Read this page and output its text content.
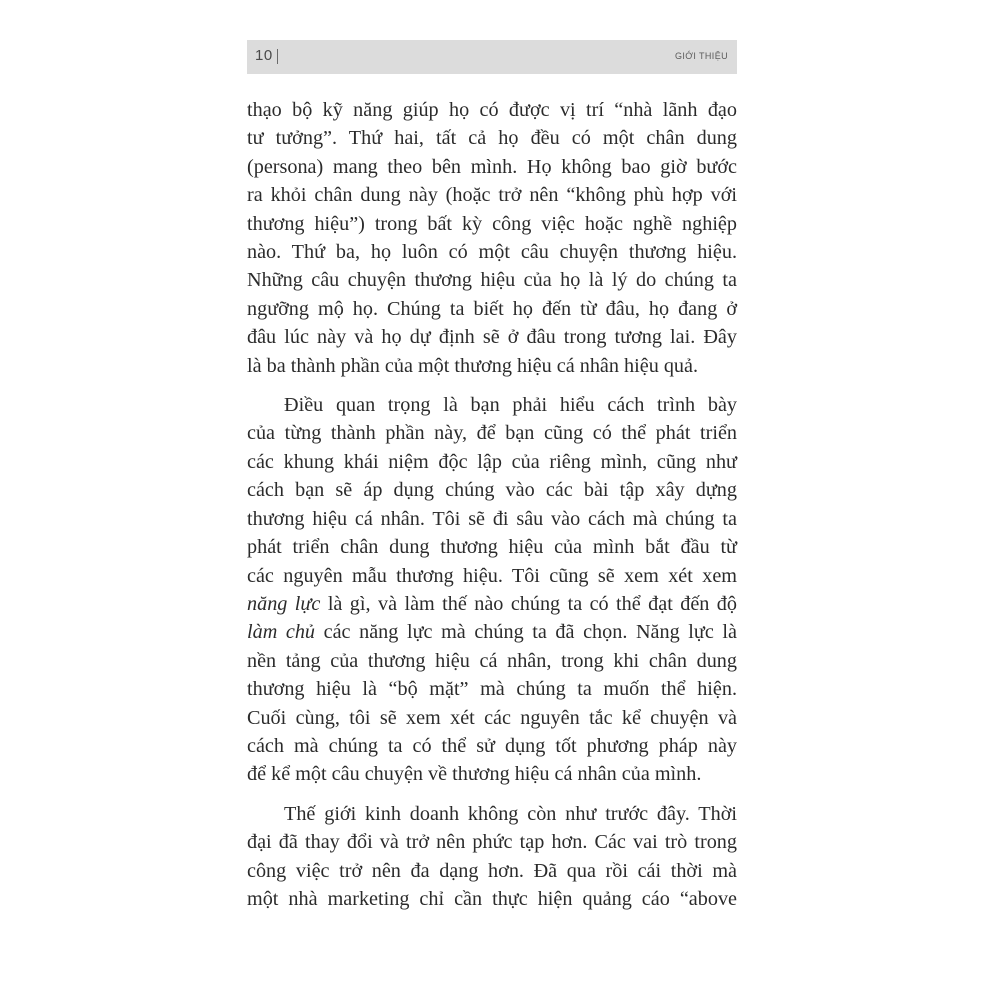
10	GIỚI THIỆU

thạo bộ kỹ năng giúp họ có được vị trí “nhà lãnh đạo
tư tưởng”. Thứ hai, tất cả họ đều có một chân dung
(persona) mang theo bên mình. Họ không bao giờ bước
ra khỏi chân dung này (hoặc trở nên “không phù hợp với
thương hiệu”) trong bất kỳ công việc hoặc nghề nghiệp
nào. Thứ ba, họ luôn có một câu chuyện thương hiệu.
Những câu chuyện thương hiệu của họ là lý do chúng ta
ngưỡng mộ họ. Chúng ta biết họ đến từ đâu, họ đang ở
đâu lúc này và họ dự định sẽ ở đâu trong tương lai. Đây
là ba thành phần của một thương hiệu cá nhân hiệu quả.

Điều quan trọng là bạn phải hiểu cách trình bày
của từng thành phần này, để bạn cũng có thể phát triển
các khung khái niệm độc lập của riêng mình, cũng như
cách bạn sẽ áp dụng chúng vào các bài tập xây dựng
thương hiệu cá nhân. Tôi sẽ đi sâu vào cách mà chúng ta
phát triển chân dung thương hiệu của mình bắt đầu từ
các nguyên mẫu thương hiệu. Tôi cũng sẽ xem xét xem
năng lực là gì, và làm thế nào chúng ta có thể đạt đến độ
làm chủ các năng lực mà chúng ta đã chọn. Năng lực là
nền tảng của thương hiệu cá nhân, trong khi chân dung
thương hiệu là “bộ mặt” mà chúng ta muốn thể hiện.
Cuối cùng, tôi sẽ xem xét các nguyên tắc kể chuyện và
cách mà chúng ta có thể sử dụng tốt phương pháp này
để kể một câu chuyện về thương hiệu cá nhân của mình.

Thế giới kinh doanh không còn như trước đây. Thời
đại đã thay đổi và trở nên phức tạp hơn. Các vai trò trong
công việc trở nên đa dạng hơn. Đã qua rồi cái thời mà
một nhà marketing chỉ cần thực hiện quảng cáo “above
